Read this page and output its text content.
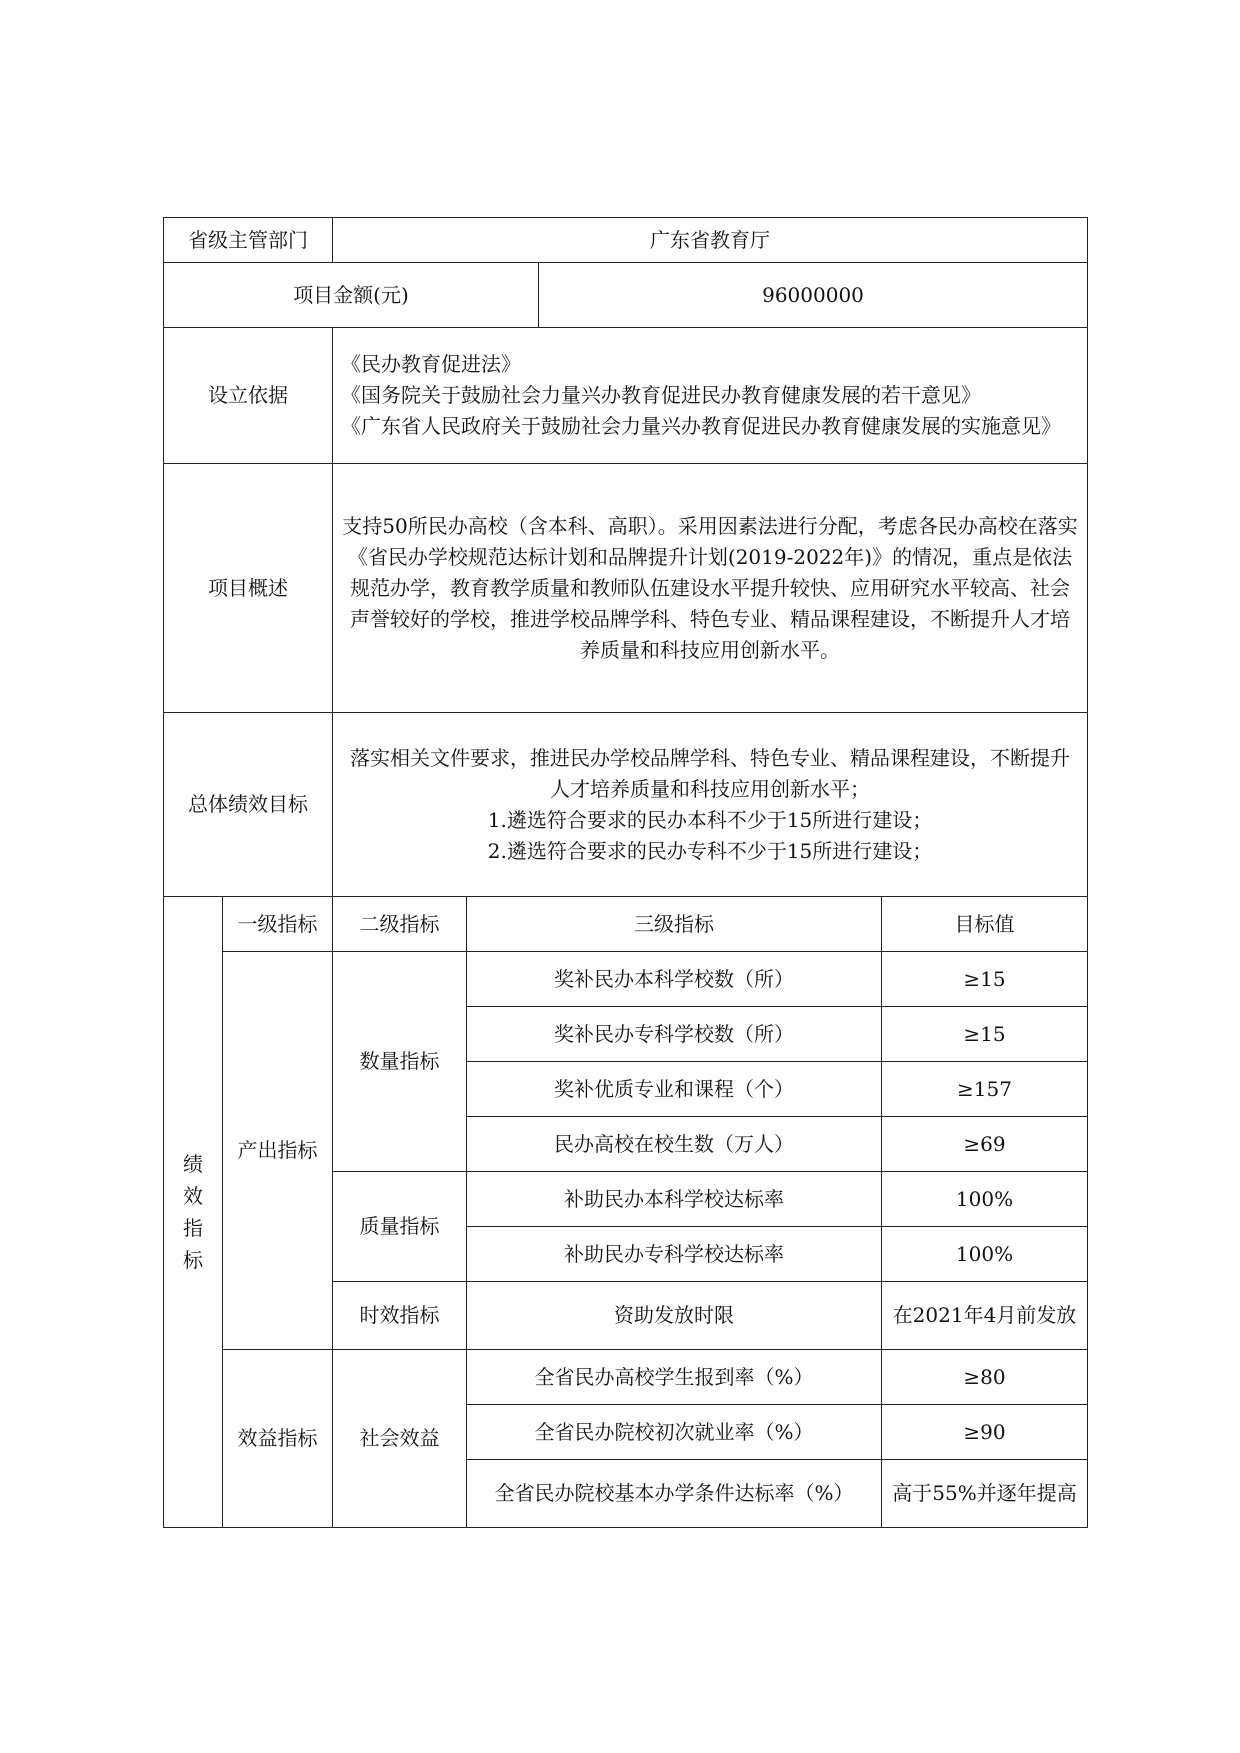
省级主管部门		广东省教育厅			
项目金额(元)				96000000	
设立依据		《民办教育促进法》
《国务院关于鼓励社会力量兴办教育促进民办教育健康发展的若干意见》
《广东省人民政府关于鼓励社会力量兴办教育促进民办教育健康发展的实施意见》			

项目概述		支持50所民办高校（含本科、高职）。采用因素法进行分配，考虑各民办高校在落实《省民办学校规范达标计划和品牌提升计划(2019-2022年)》的情况，重点是依法规范办学，教育教学质量和教师队伍建设水平提升较快、应用研究水平较高、社会声誉较好的学校，推进学校品牌学科、特色专业、精品课程建设，不断提升人才培养质量和科技应用创新水平。			
总体绩效目标		落实相关文件要求，推进民办学校品牌学科、特色专业、精品课程建设，不断提升人才培养质量和科技应用创新水平；
1.遴选符合要求的民办本科不少于15所进行建设；
2.遴选符合要求的民办专科不少于15所进行建设；			

绩
效
指
标	一级指标	二级指标	三级指标		目标值
	产出指标	数量指标	奖补民办本科学校数（所）		≥15
			奖补民办专科学校数（所）		≥15
			奖补优质专业和课程（个）		≥157
			民办高校在校生数（万人）		≥69
		质量指标	补助民办本科学校达标率		100%
			补助民办专科学校达标率		100%
		时效指标	资助发放时限		在2021年4月前发放
	效益指标	社会效益	全省民办高校学生报到率（%）		≥80
			全省民办院校初次就业率（%）		≥90
			全省民办院校基本办学条件达标率（%）		高于55%并逐年提高
